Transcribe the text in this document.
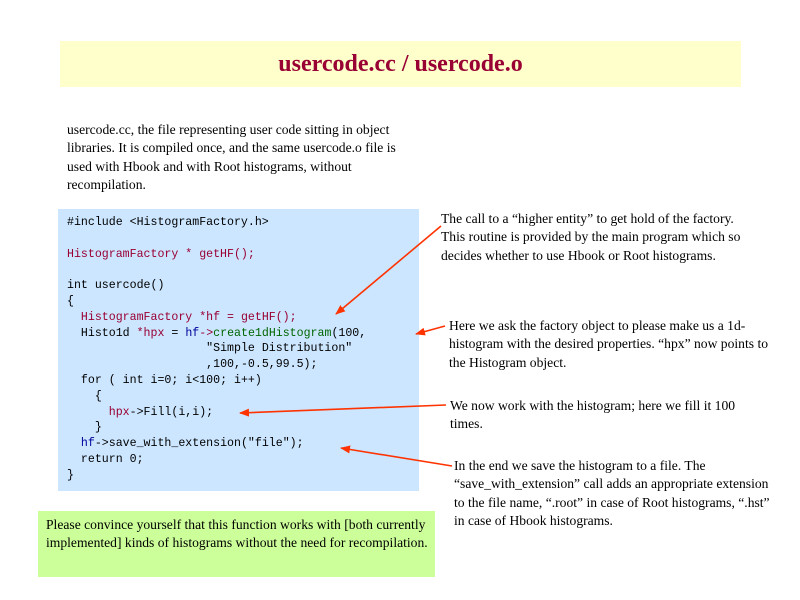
usercode.cc / usercode.o
usercode.cc, the file representing user code sitting in object libraries. It is compiled once, and the same usercode.o file is used with Hbook and with Root histograms, without recompilation.
#include <HistogramFactory.h>
HistogramFactory * getHF();
int usercode()
{
HistogramFactory *hf = getHF();
Histo1d *hpx = hf->create1dHistogram(100,
"Simple Distribution"
,100,-0.5,99.5);
for ( int i=0; i<100; i++)
{
hpx->Fill(i,i);
}
hf->save_with_extension("file");
return 0;
}
The call to a “higher entity” to get hold of the factory. This routine is provided by the main program which so decides whether to use Hbook or Root histograms.
Here we ask the factory object to please make us a 1d-histogram with the desired properties. “hpx” now points to the Histogram object.
We now work with the histogram; here we fill it 100 times.
In the end we save the histogram to a file. The “save_with_extension” call adds an appropriate extension to the file name, “.root” in case of Root histograms, “.hst” in case of Hbook histograms.
Please convince yourself that this function works with [both currently implemented] kinds of histograms without the need for recompilation.
